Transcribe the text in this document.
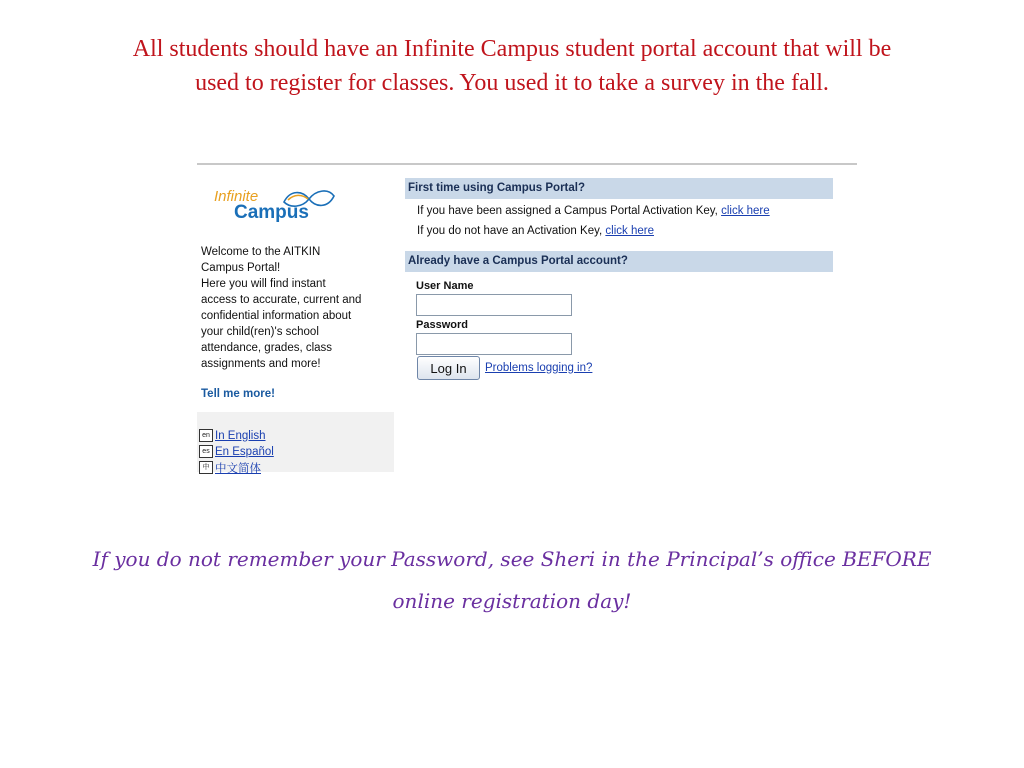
All students should have an Infinite Campus student portal account that will be
used to register for classes. You used it to take a survey in the fall.
Infinite
Campus
Welcome to the AITKIN
Campus Portal!
Here you will find instant
access to accurate, current and
confidential information about
your child(ren)'s school
attendance, grades, class
assignments and more!
Tell me more!
en In English
es En Español
中 中文简体
First time using Campus Portal?
If you have been assigned a Campus Portal Activation Key, click here
If you do not have an Activation Key, click here
Already have a Campus Portal account?
User Name
Password
Log In	Problems logging in?
If you do not remember your Password, see Sheri in the Principal’s office BEFORE
online registration day!
